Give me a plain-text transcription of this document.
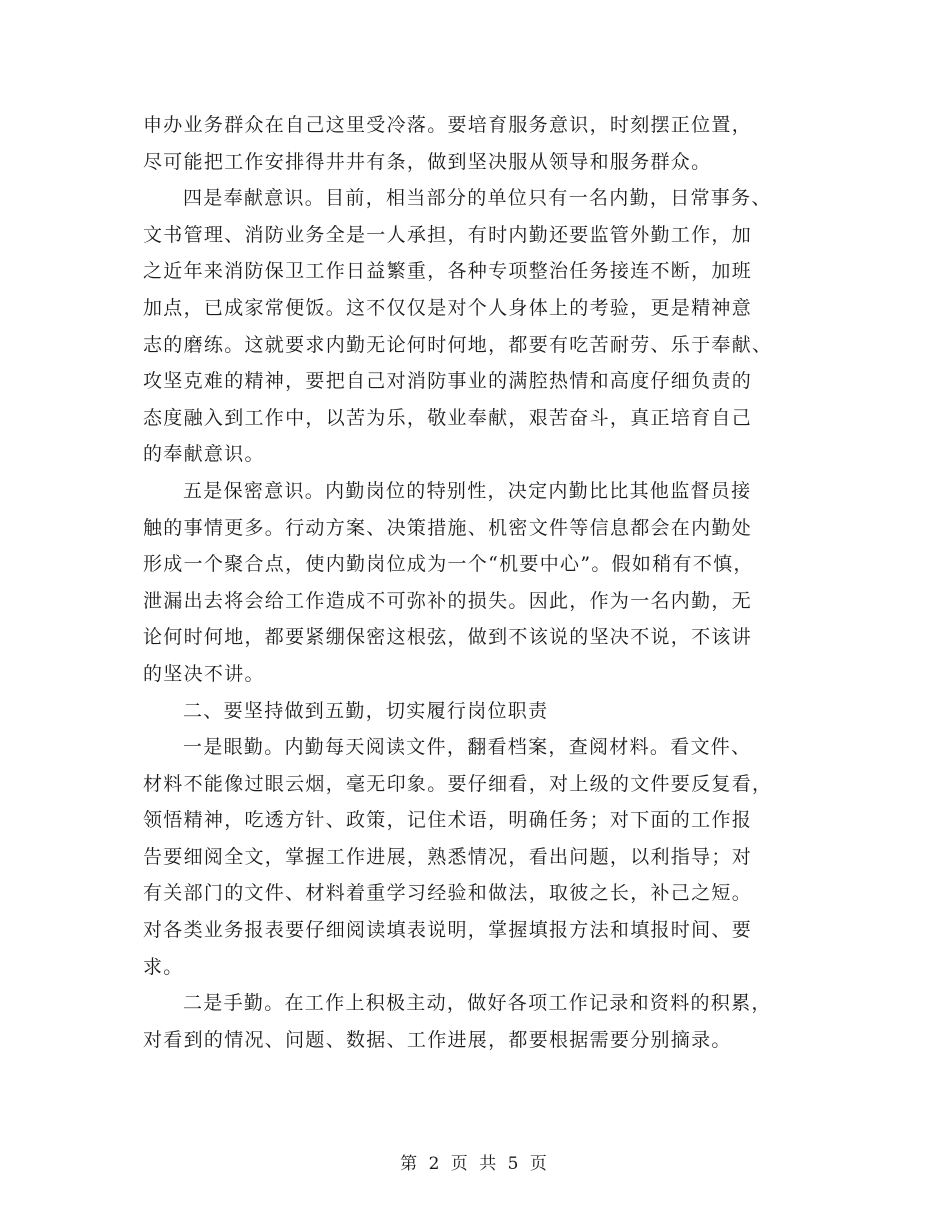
申办业务群众在自己这里受冷落。要培育服务意识，时刻摆正位置，
尽可能把工作安排得井井有条，做到坚决服从领导和服务群众。
四是奉献意识。目前，相当部分的单位只有一名内勤，日常事务、
文书管理、消防业务全是一人承担，有时内勤还要监管外勤工作，加
之近年来消防保卫工作日益繁重，各种专项整治任务接连不断，加班
加点，已成家常便饭。这不仅仅是对个人身体上的考验，更是精神意
志的磨练。这就要求内勤无论何时何地，都要有吃苦耐劳、乐于奉献、
攻坚克难的精神，要把自己对消防事业的满腔热情和高度仔细负责的
态度融入到工作中，以苦为乐，敬业奉献，艰苦奋斗，真正培育自己
的奉献意识。
五是保密意识。内勤岗位的特别性，决定内勤比比其他监督员接
触的事情更多。行动方案、决策措施、机密文件等信息都会在内勤处
形成一个聚合点，使内勤岗位成为一个“机要中心”。假如稍有不慎，
泄漏出去将会给工作造成不可弥补的损失。因此，作为一名内勤，无
论何时何地，都要紧绷保密这根弦，做到不该说的坚决不说，不该讲
的坚决不讲。
二、要坚持做到五勤，切实履行岗位职责
一是眼勤。内勤每天阅读文件，翻看档案，查阅材料。看文件、
材料不能像过眼云烟，毫无印象。要仔细看，对上级的文件要反复看，
领悟精神，吃透方针、政策，记住术语，明确任务；对下面的工作报
告要细阅全文，掌握工作进展，熟悉情况，看出问题，以利指导；对
有关部门的文件、材料着重学习经验和做法，取彼之长，补己之短。
对各类业务报表要仔细阅读填表说明，掌握填报方法和填报时间、要
求。
二是手勤。在工作上积极主动，做好各项工作记录和资料的积累，
对看到的情况、问题、数据、工作进展，都要根据需要分别摘录。
第 2 页 共 5 页
